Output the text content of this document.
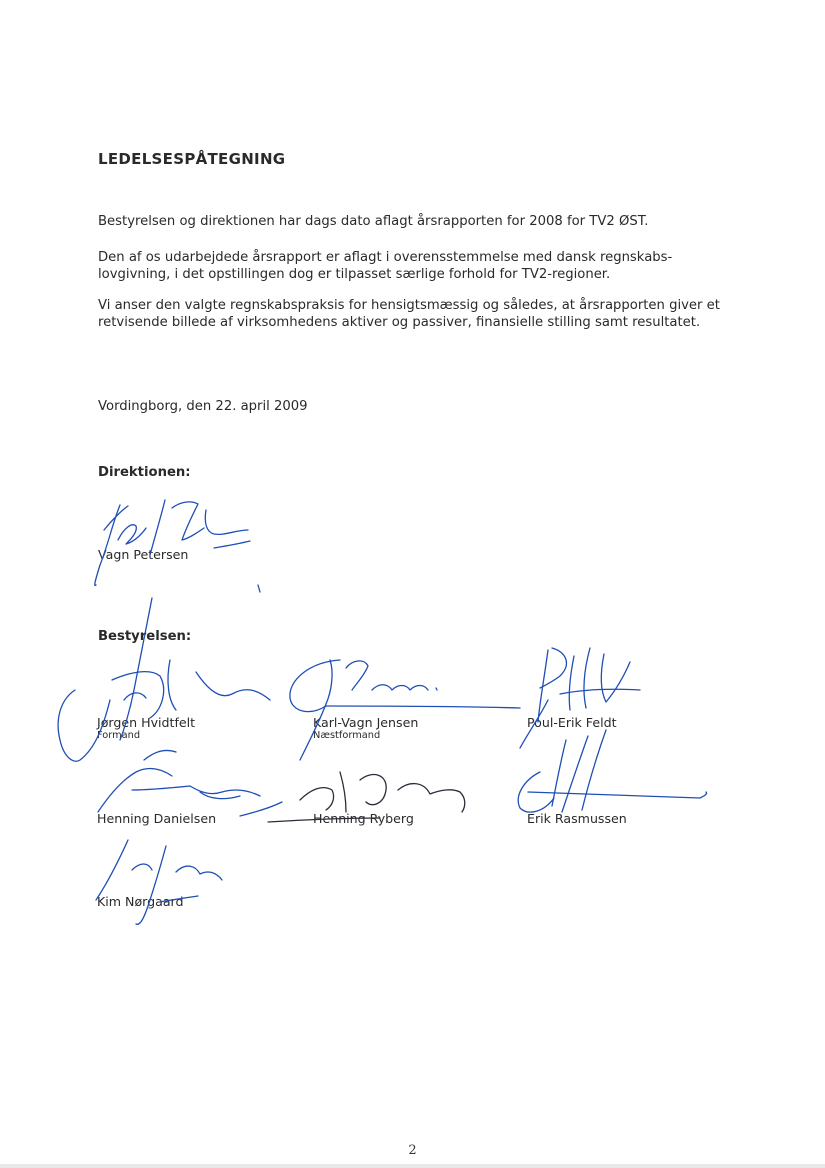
LEDELSESPÅTEGNING
Bestyrelsen og direktionen har dags dato aflagt årsrapporten for 2008 for TV2 ØST.
Den af os udarbejdede årsrapport er aflagt i overensstemmelse med dansk regnskabs-lovgivning, i det opstillingen dog er tilpasset særlige forhold for TV2-regioner.
Vi anser den valgte regnskabspraksis for hensigtsmæssig og således, at årsrapporten giver et retvisende billede af virksomhedens aktiver og passiver, finansielle stilling samt resultatet.
Vordingborg, den 22. april 2009
Direktionen:
Vagn Petersen
Bestyrelsen:
Jørgen Hvidtfelt
Formand
Karl-Vagn Jensen
Næstformand
Poul-Erik Feldt
Henning Danielsen	Henning Ryberg	Erik Rasmussen
Kim Nørgaard
2
